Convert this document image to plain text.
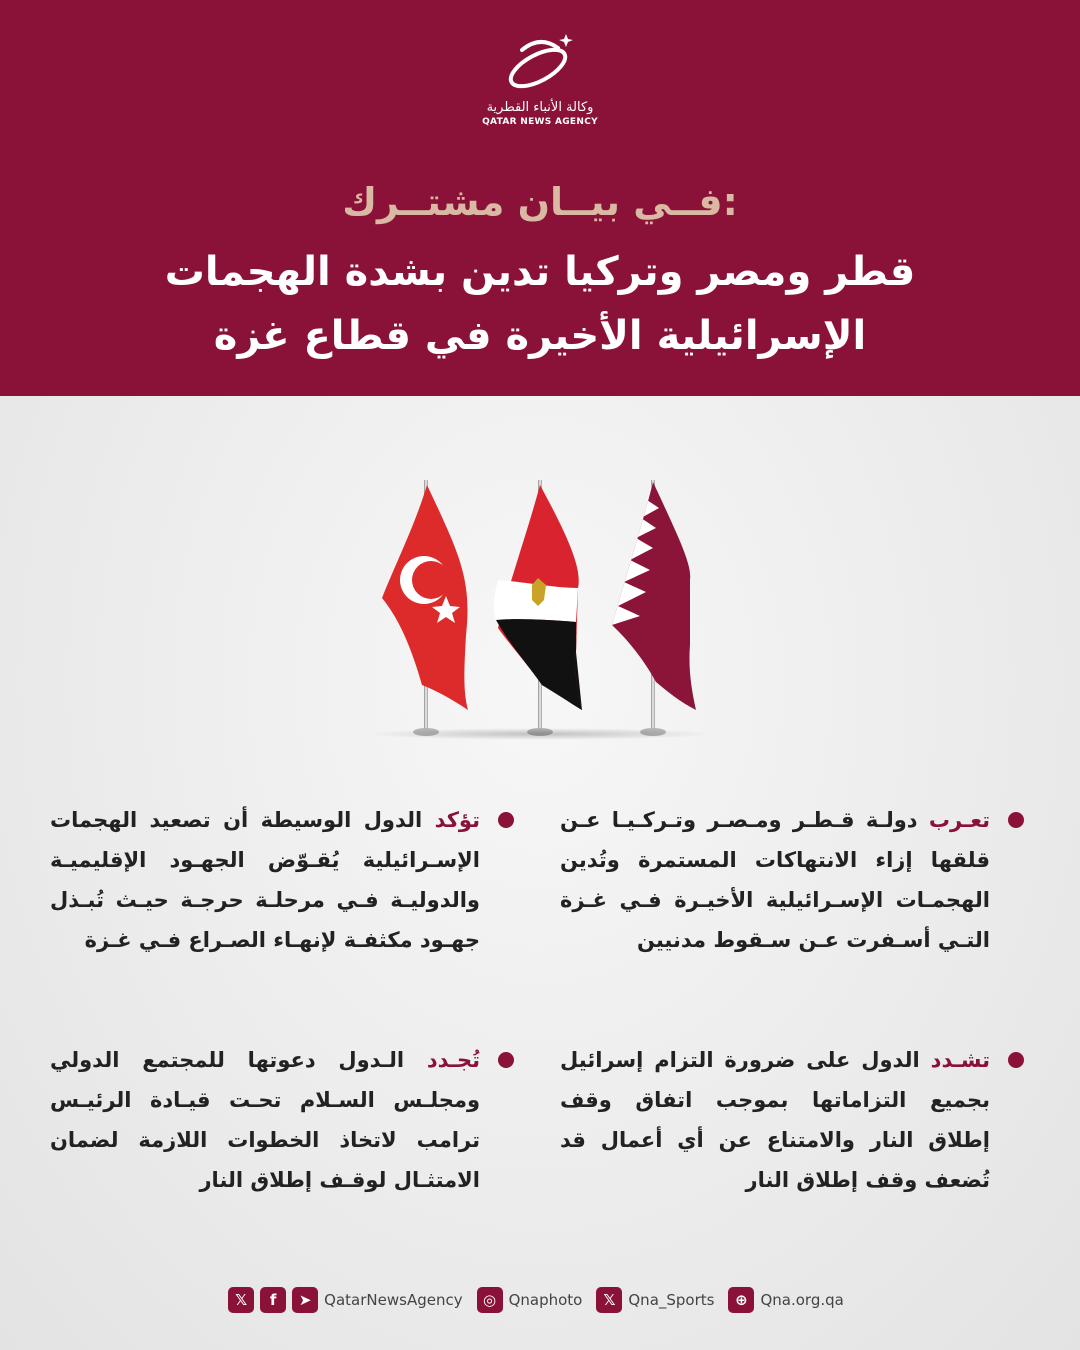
وكالة الأنباء القطرية
QATAR NEWS AGENCY
فــي بيــان مشتــرك:
قطر ومصر وتركيا تدين بشدة الهجمات
الإسرائيلية الأخيرة في قطاع غزة

تعـرب دولـة قـطـر ومـصـر وتـركـيـا عـن قلقها إزاء الانتهاكات المستمرة وتُدين الهجمـات الإسـرائيلية الأخيـرة فـي غـزة التـي أسـفرت عـن سـقوط مدنيين

تؤكد الدول الوسيطة أن تصعيد الهجمات الإسـرائيلية يُقـوّض الجهـود الإقليميـة والدوليـة فـي مرحلـة حرجـة حيـث تُبـذل جهـود مكثفـة لإنهـاء الصـراع فـي غـزة

تشـدد الدول على ضرورة التزام إسرائيل بجميع التزاماتها بموجب اتفاق وقف إطلاق النار والامتناع عن أي أعمال قد تُضعف وقف إطلاق النار

تُجـدد الـدول دعوتها للمجتمع الدولي ومجلـس السـلام تحـت قيـادة الرئيـس ترامب لاتخاذ الخطوات اللازمة لضمان الامتثـال لوقـف إطلاق النار

𝕏	f	➤ QatarNewsAgency	◎ Qnaphoto	𝕏 Qna_Sports	⊕ Qna.org.qa
